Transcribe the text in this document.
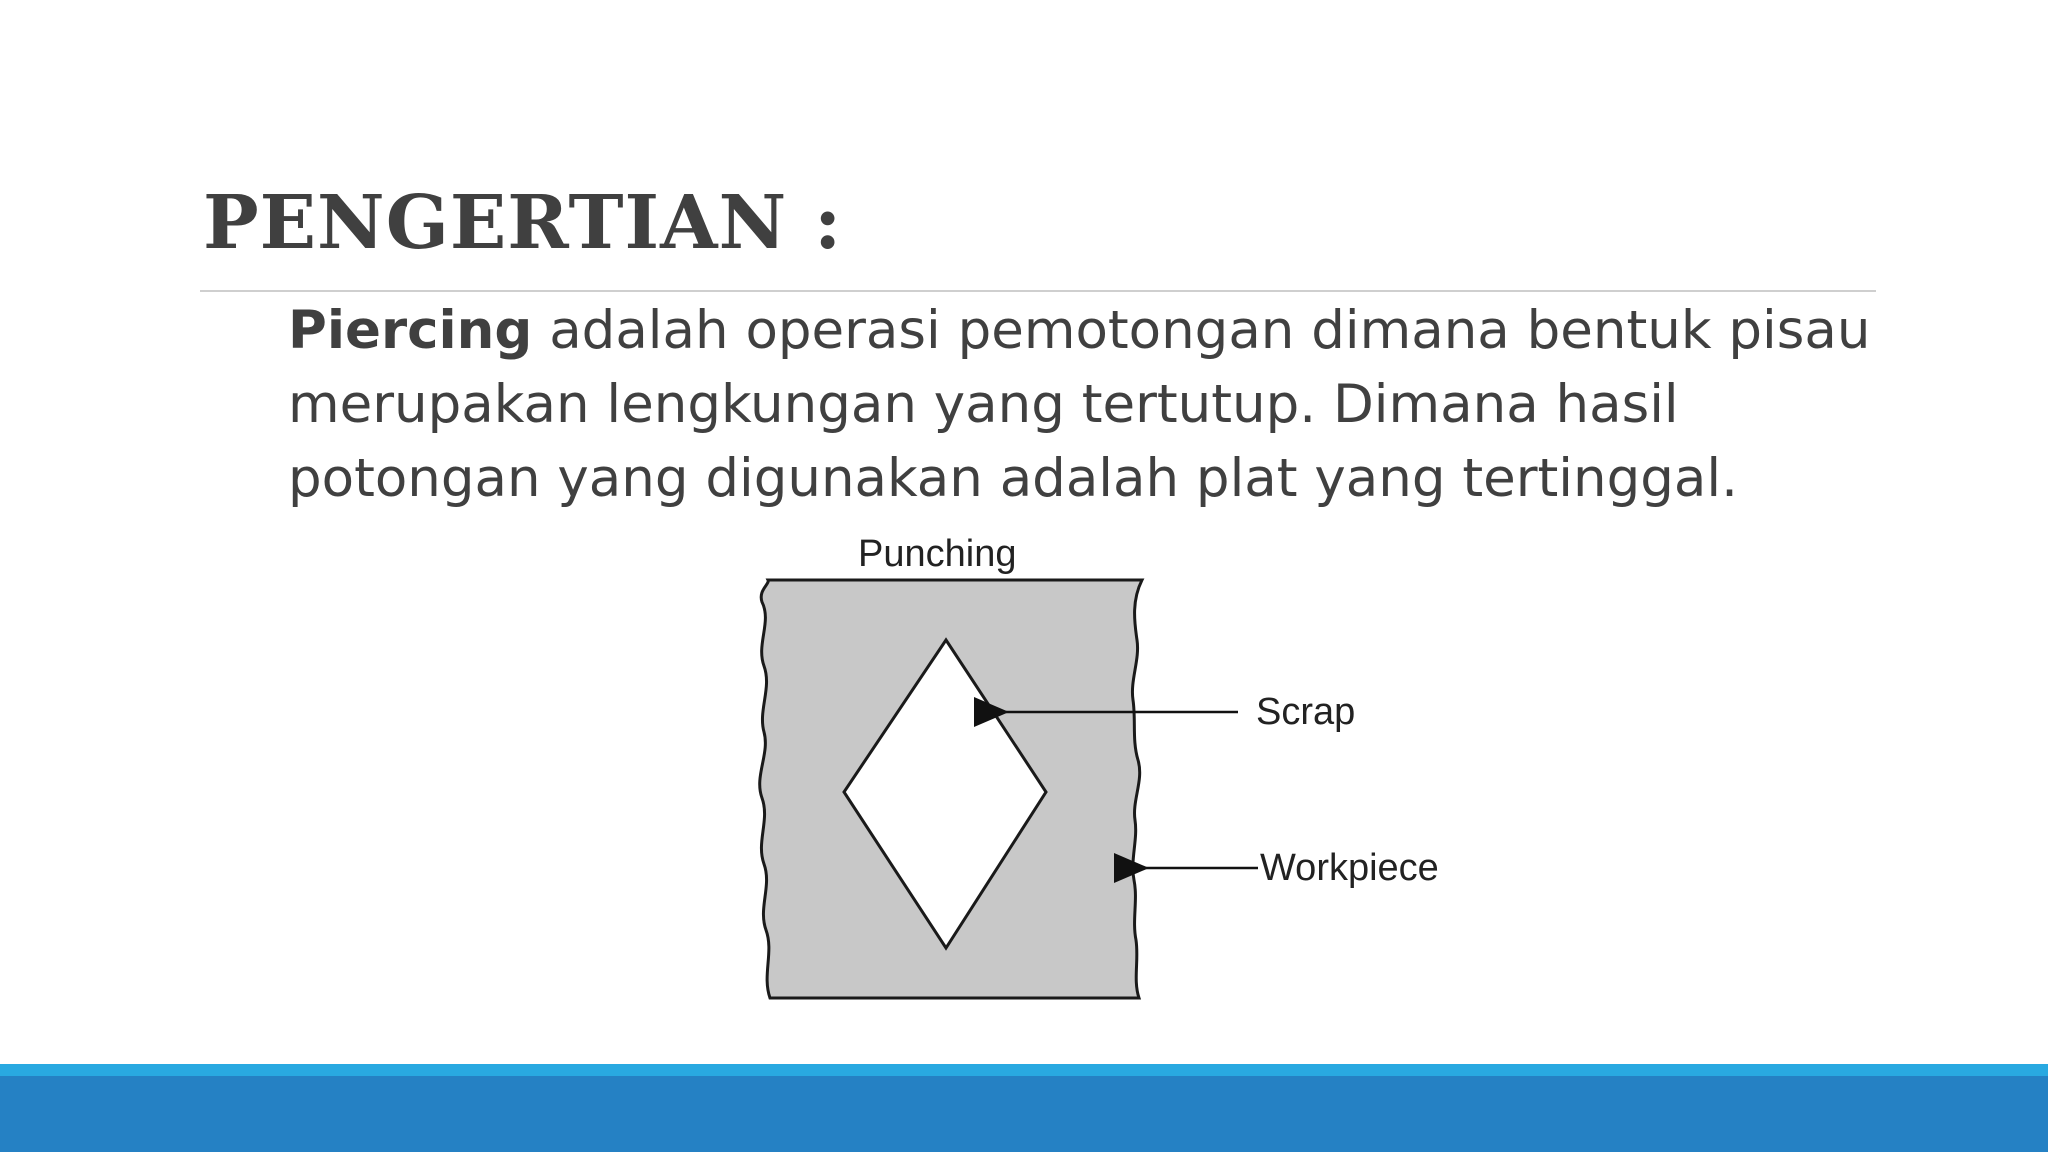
PENGERTIAN :

Piercing adalah operasi pemotongan dimana bentuk pisau
merupakan lengkungan yang tertutup. Dimana hasil
potongan yang digunakan adalah plat yang tertinggal.

Punching
Scrap
Workpiece
